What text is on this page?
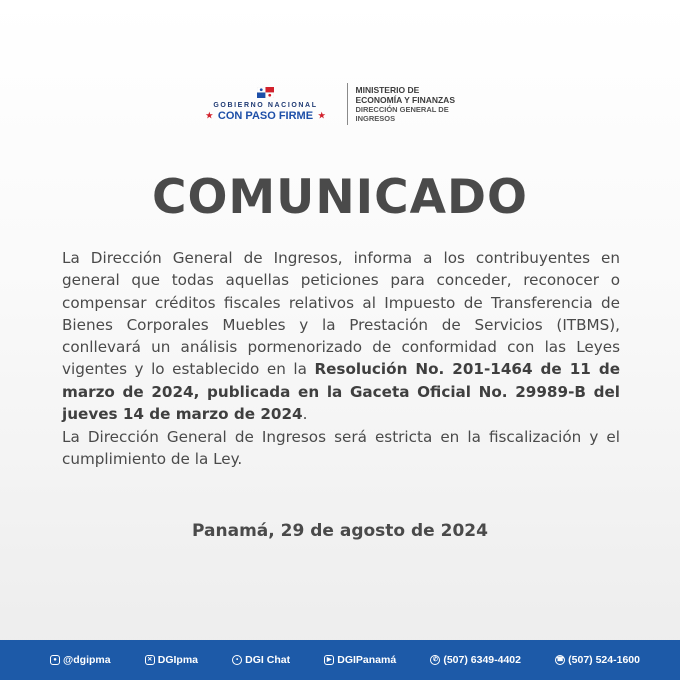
GOBIERNO NACIONAL
★ CON PASO FIRME ★
MINISTERIO DE
ECONOMÍA Y FINANZAS
DIRECCIÓN GENERAL DE
INGRESOS
COMUNICADO

La Dirección General de Ingresos, informa a los contribuyentes en general que todas aquellas peticiones para conceder, reconocer o compensar créditos fiscales relativos al Impuesto de Transferencia de Bienes Corporales Muebles y la Prestación de Servicios (ITBMS), conllevará un análisis pormenorizado de conformidad con las Leyes vigentes y lo establecido en la Resolución No. 201-1464 de 11 de marzo de 2024, publicada en la Gaceta Oficial No. 29989-B del jueves 14 de marzo de 2024.

La Dirección General de Ingresos será estricta en la fiscalización y el cumplimiento de la Ley.

Panamá, 29 de agosto de 2024
● @dgipma	✕ DGIpma	• DGI Chat	▶ DGIPanamá	✆ (507) 6349-4402	☎ (507) 524-1600
